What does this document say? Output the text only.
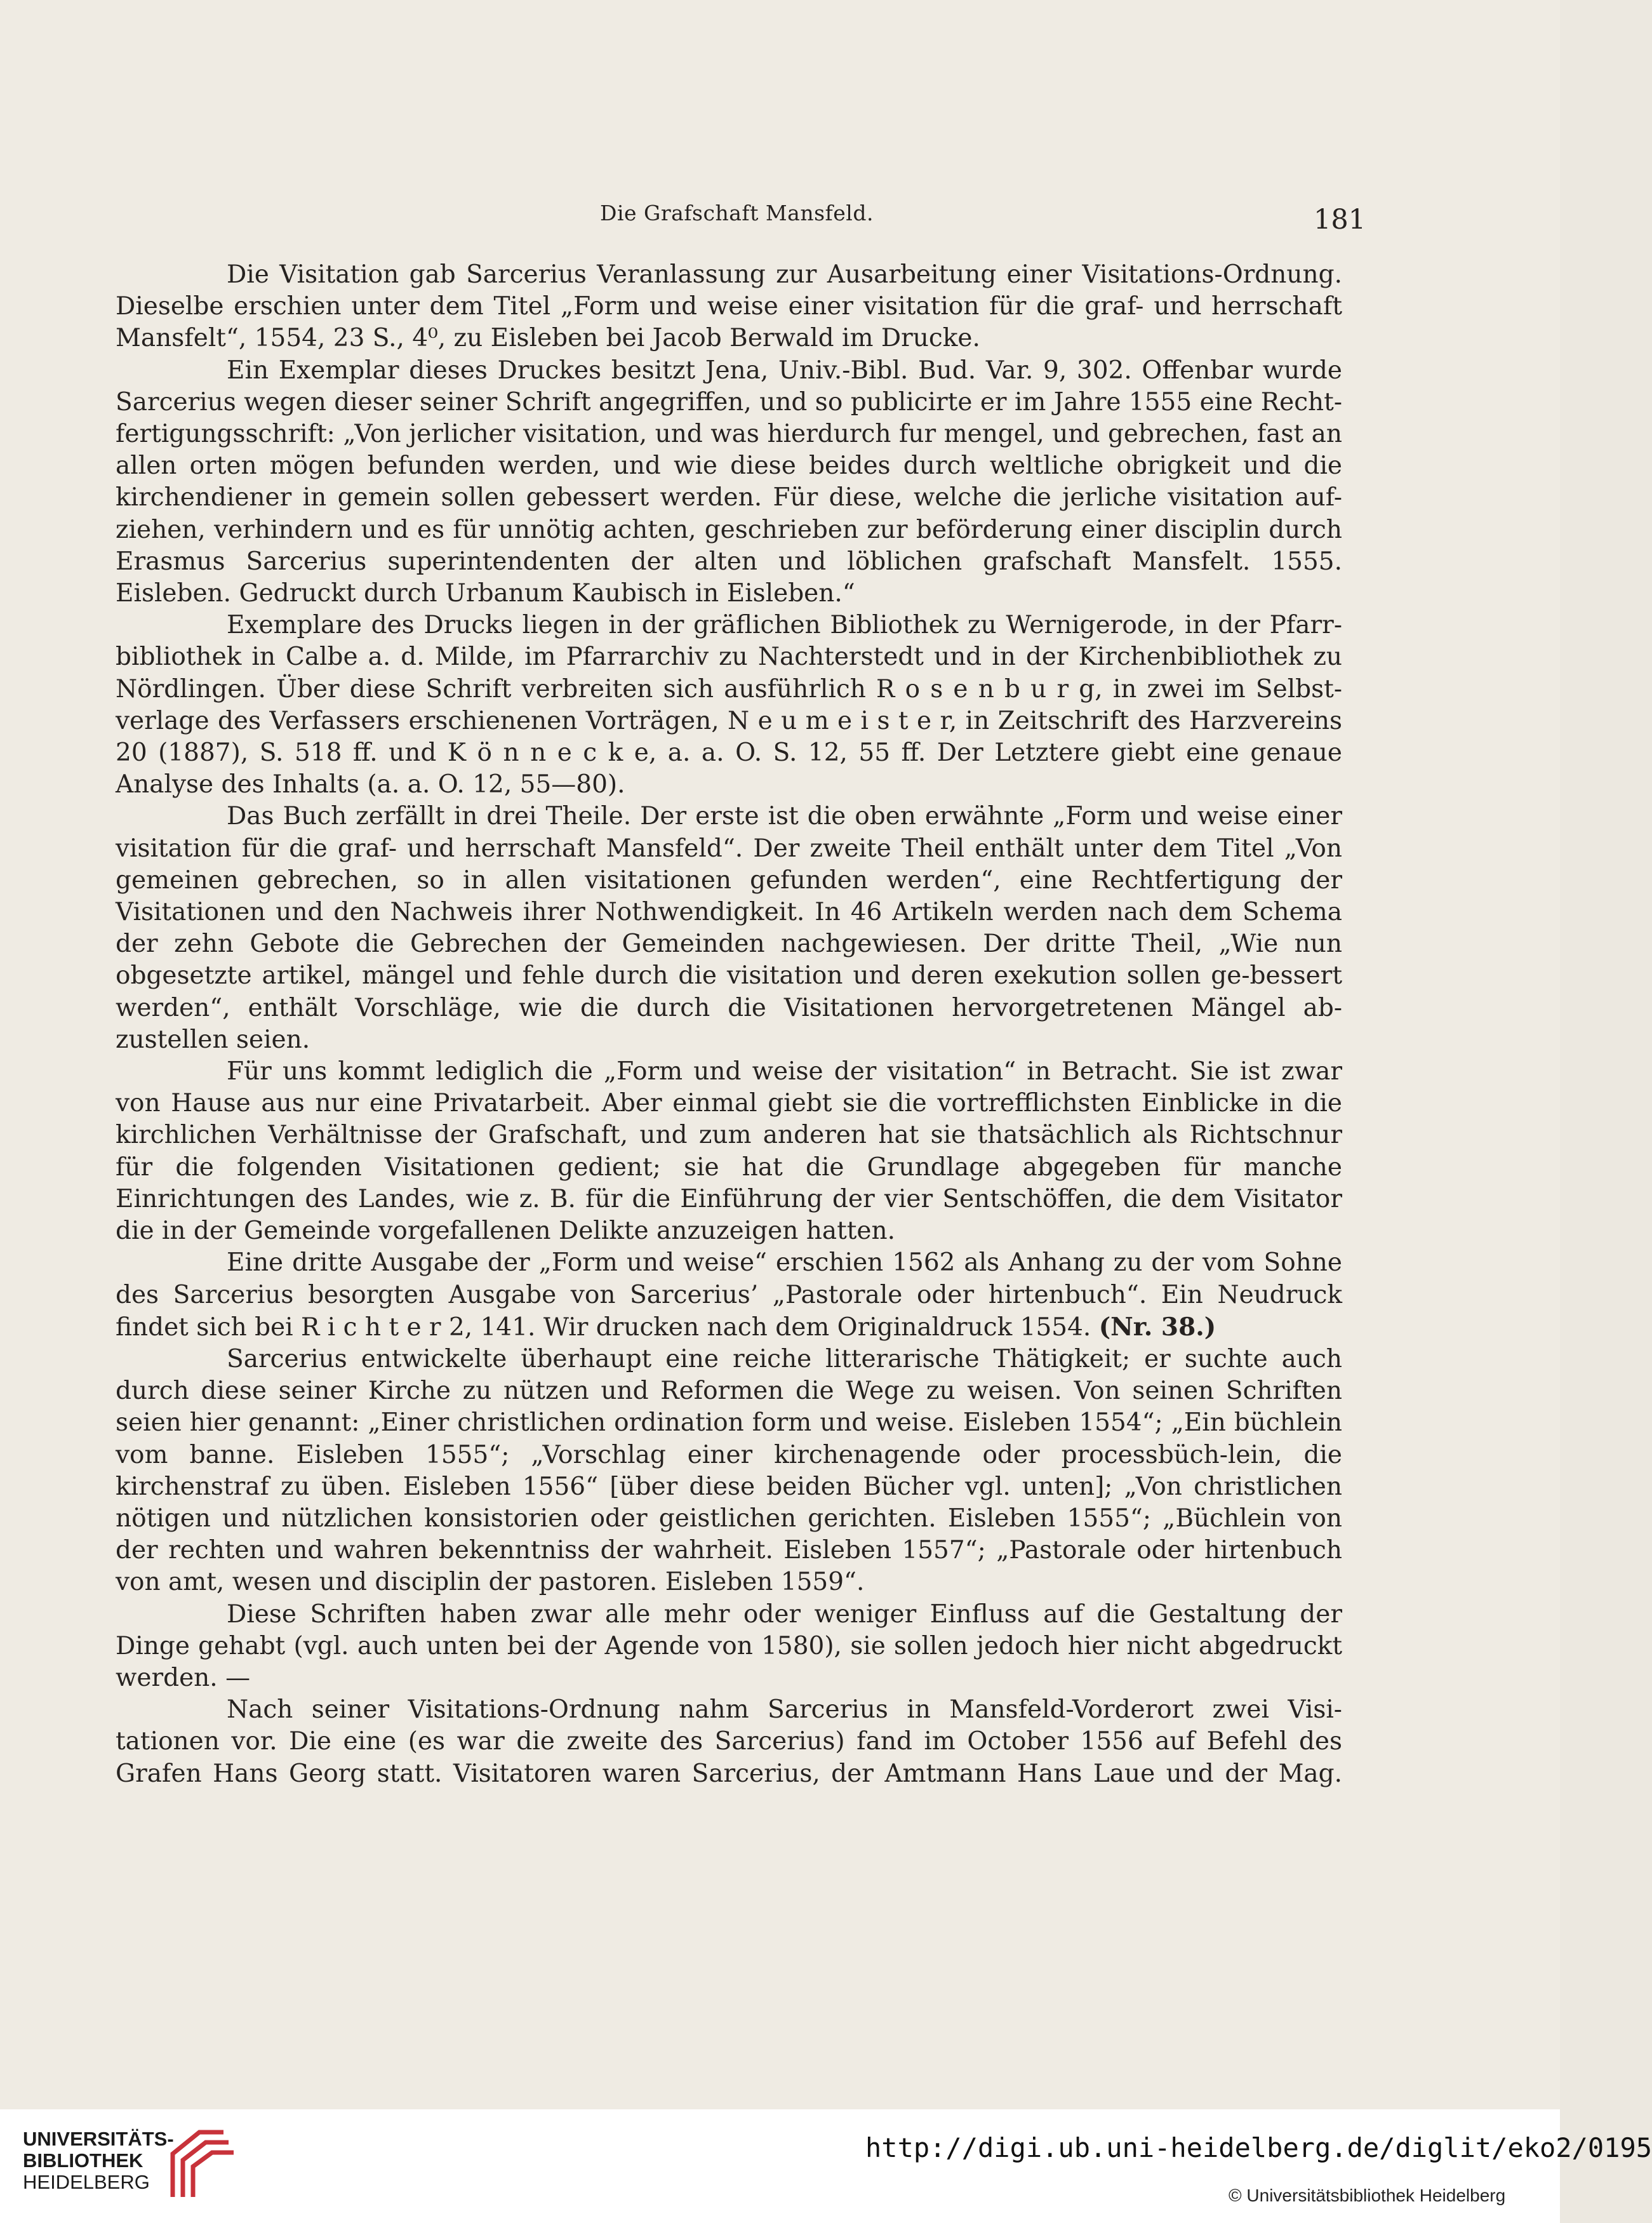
Die Grafschaft Mansfeld.	181

Die Visitation gab Sarcerius Veranlassung zur Ausarbeitung einer Visitations-Ordnung. Dieselbe erschien unter dem Titel „Form und weise einer visitation für die graf- und herrschaft Mansfelt“, 1554, 23 S., 4⁰, zu Eisleben bei Jacob Berwald im Drucke.

Ein Exemplar dieses Druckes besitzt Jena, Univ.-Bibl. Bud. Var. 9, 302. Offenbar wurde Sarcerius wegen dieser seiner Schrift angegriffen, und so publicirte er im Jahre 1555 eine Recht-fertigungsschrift: „Von jerlicher visitation, und was hierdurch fur mengel, und gebrechen, fast an allen orten mögen befunden werden, und wie diese beides durch weltliche obrigkeit und die kirchendiener in gemein sollen gebessert werden. Für diese, welche die jerliche visitation auf-ziehen, verhindern und es für unnötig achten, geschrieben zur beförderung einer disciplin durch Erasmus Sarcerius superintendenten der alten und löblichen grafschaft Mansfelt. 1555. Eisleben. Gedruckt durch Urbanum Kaubisch in Eisleben.“

Exemplare des Drucks liegen in der gräflichen Bibliothek zu Wernigerode, in der Pfarr-bibliothek in Calbe a. d. Milde, im Pfarrarchiv zu Nachterstedt und in der Kirchenbibliothek zu Nördlingen. Über diese Schrift verbreiten sich ausführlich R o s e n b u r g, in zwei im Selbst-verlage des Verfassers erschienenen Vorträgen, N e u m e i s t e r, in Zeitschrift des Harzvereins 20 (1887), S. 518 ff. und K ö n n e c k e, a. a. O. S. 12, 55 ff. Der Letztere giebt eine genaue Analyse des Inhalts (a. a. O. 12, 55—80).

Das Buch zerfällt in drei Theile. Der erste ist die oben erwähnte „Form und weise einer visitation für die graf- und herrschaft Mansfeld“. Der zweite Theil enthält unter dem Titel „Von gemeinen gebrechen, so in allen visitationen gefunden werden“, eine Rechtfertigung der Visitationen und den Nachweis ihrer Nothwendigkeit. In 46 Artikeln werden nach dem Schema der zehn Gebote die Gebrechen der Gemeinden nachgewiesen. Der dritte Theil, „Wie nun obgesetzte artikel, mängel und fehle durch die visitation und deren exekution sollen ge-bessert werden“, enthält Vorschläge, wie die durch die Visitationen hervorgetretenen Mängel ab-zustellen seien.

Für uns kommt lediglich die „Form und weise der visitation“ in Betracht. Sie ist zwar von Hause aus nur eine Privatarbeit. Aber einmal giebt sie die vortrefflichsten Einblicke in die kirchlichen Verhältnisse der Grafschaft, und zum anderen hat sie thatsächlich als Richtschnur für die folgenden Visitationen gedient; sie hat die Grundlage abgegeben für manche Einrichtungen des Landes, wie z. B. für die Einführung der vier Sentschöffen, die dem Visitator die in der Gemeinde vorgefallenen Delikte anzuzeigen hatten.

Eine dritte Ausgabe der „Form und weise“ erschien 1562 als Anhang zu der vom Sohne des Sarcerius besorgten Ausgabe von Sarcerius’ „Pastorale oder hirtenbuch“. Ein Neudruck findet sich bei R i c h t e r 2, 141. Wir drucken nach dem Originaldruck 1554. (Nr. 38.)

Sarcerius entwickelte überhaupt eine reiche litterarische Thätigkeit; er suchte auch durch diese seiner Kirche zu nützen und Reformen die Wege zu weisen. Von seinen Schriften seien hier genannt: „Einer christlichen ordination form und weise. Eisleben 1554“; „Ein büchlein vom banne. Eisleben 1555“; „Vorschlag einer kirchenagende oder processbüch-lein, die kirchenstraf zu üben. Eisleben 1556“ [über diese beiden Bücher vgl. unten]; „Von christlichen nötigen und nützlichen konsistorien oder geistlichen gerichten. Eisleben 1555“; „Büchlein von der rechten und wahren bekenntniss der wahrheit. Eisleben 1557“; „Pastorale oder hirtenbuch von amt, wesen und disciplin der pastoren. Eisleben 1559“.

Diese Schriften haben zwar alle mehr oder weniger Einfluss auf die Gestaltung der Dinge gehabt (vgl. auch unten bei der Agende von 1580), sie sollen jedoch hier nicht abgedruckt werden. —

Nach seiner Visitations-Ordnung nahm Sarcerius in Mansfeld-Vorderort zwei Visi-tationen vor. Die eine (es war die zweite des Sarcerius) fand im October 1556 auf Befehl des Grafen Hans Georg statt. Visitatoren waren Sarcerius, der Amtmann Hans Laue und der Mag.

UNIVERSITÄTS-
BIBLIOTHEK
HEIDELBERG
http://digi.ub.uni-heidelberg.de/diglit/eko2/0195
© Universitätsbibliothek Heidelberg
